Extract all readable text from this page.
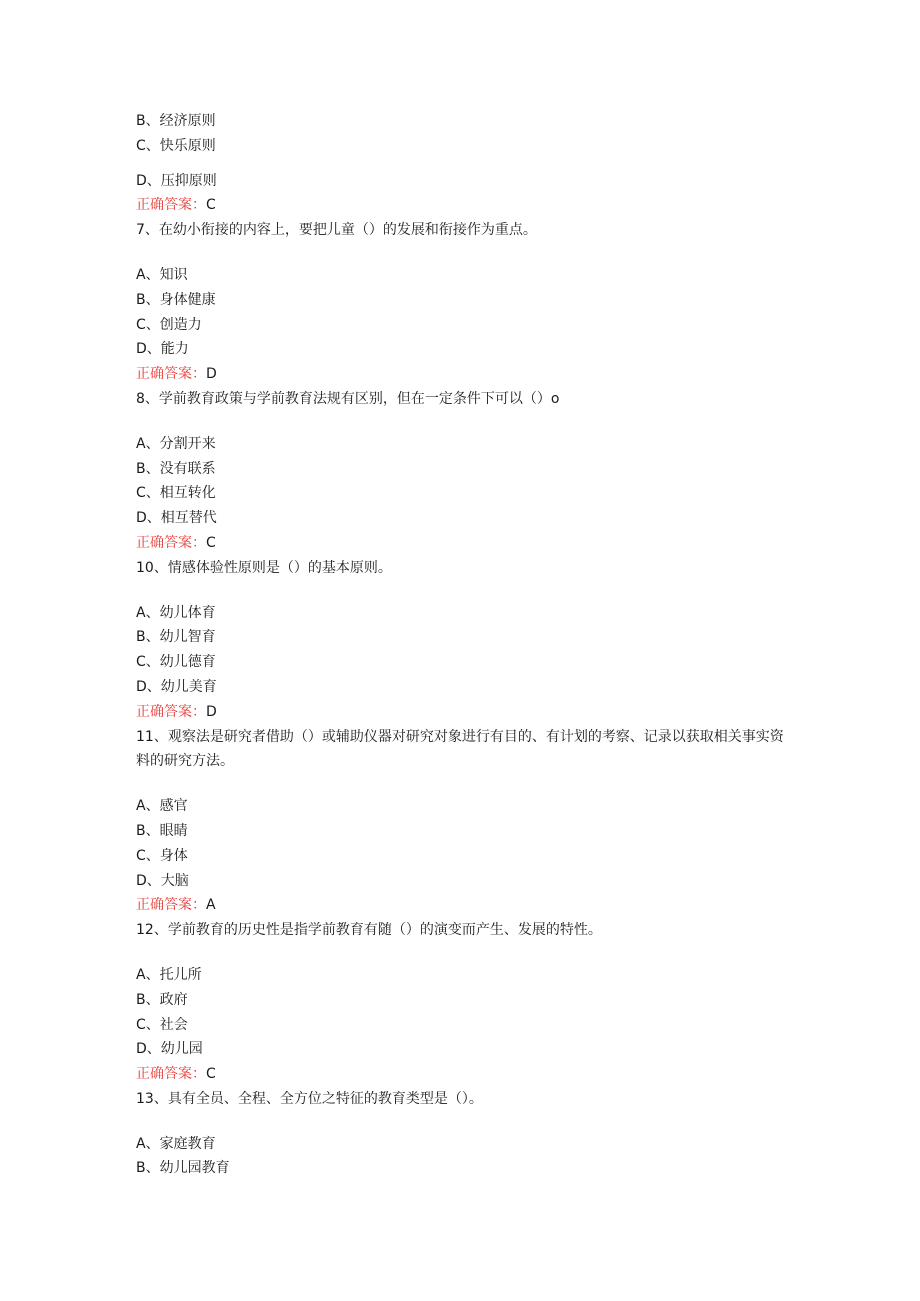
B、经济原则
C、快乐原则
D、压抑原则
正确答案：C
7、在幼小衔接的内容上，要把儿童（）的发展和衔接作为重点。
A、知识
B、身体健康
C、创造力
D、能力
正确答案：D
8、学前教育政策与学前教育法规有区别，但在一定条件下可以（）o
A、分割开来
B、没有联系
C、相互转化
D、相互替代
正确答案：C
10、情感体验性原则是（）的基本原则。
A、幼儿体育
B、幼儿智育
C、幼儿德育
D、幼儿美育
正确答案：D
11、观察法是研究者借助（）或辅助仪器对研究对象进行有目的、有计划的考察、记录以获取相关事实资料的研究方法。
A、感官
B、眼睛
C、身体
D、大脑
正确答案：A
12、学前教育的历史性是指学前教育有随（）的演变而产生、发展的特性。
A、托儿所
B、政府
C、社会
D、幼儿园
正确答案：C
13、具有全员、全程、全方位之特征的教育类型是（）。
A、家庭教育
B、幼儿园教育
